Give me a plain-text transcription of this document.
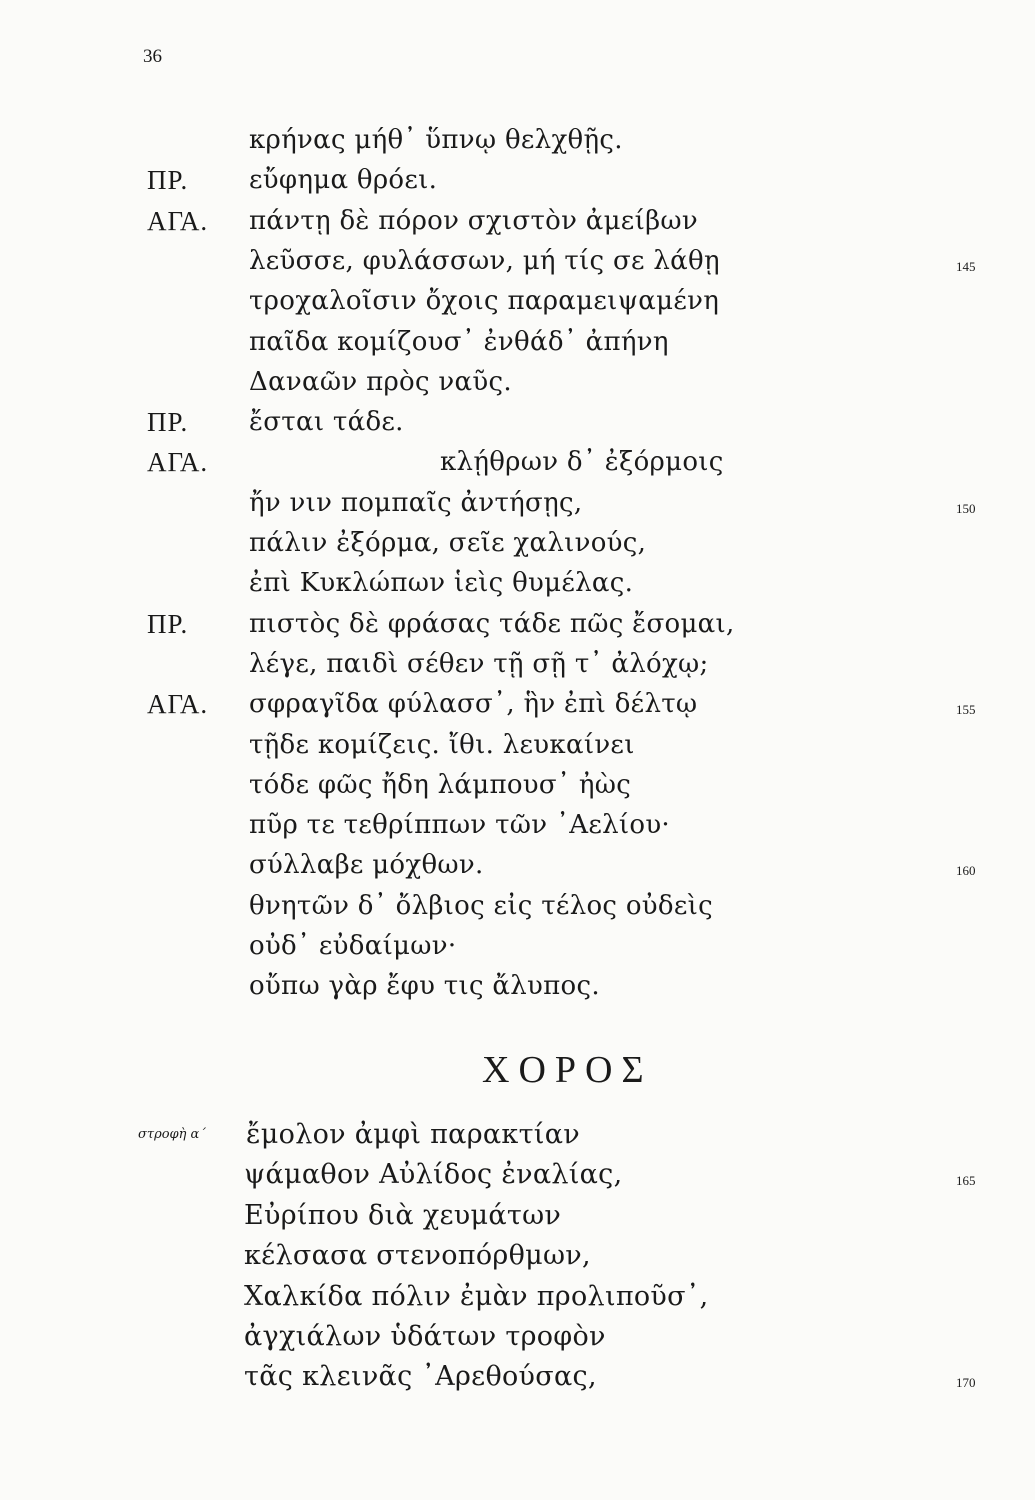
36
κρήνας μήθ᾽ ὕπνῳ θελχθῇς.
ΠΡ. εὔφημα θρόει.
ΑΓΑ. πάντῃ δὲ πόρον σχιστὸν ἀμείβων
λεῦσσε, φυλάσσων, μή τίς σε λάθῃ	145
τροχαλοῖσιν ὄχοις παραμειψαμένη
παῖδα κομίζουσ᾽ ἐνθάδ᾽ ἀπήνη
Δαναῶν πρὸς ναῦς.
ΠΡ. ἔσται τάδε.
ΑΓΑ.	κλῄθρων δ᾽ ἐξόρμοις
ἤν νιν πομπαῖς ἀντήσῃς,	150
πάλιν ἐξόρμα, σεῖε χαλινούς,
ἐπὶ Κυκλώπων ἱεὶς θυμέλας.
ΠΡ. πιστὸς δὲ φράσας τάδε πῶς ἔσομαι,
λέγε, παιδὶ σέθεν τῇ σῇ τ᾽ ἀλόχῳ;
ΑΓΑ. σφραγῖδα φύλασσ᾽, ἣν ἐπὶ δέλτῳ	155
τῇδε κομίζεις. ἴθι. λευκαίνει
τόδε φῶς ἤδη λάμπουσ᾽ ἠὼς
πῦρ τε τεθρίππων τῶν ᾽Αελίου·
σύλλαβε μόχθων.	160
θνητῶν δ᾽ ὄλβιος εἰς τέλος οὐδεὶς
οὐδ᾽ εὐδαίμων·
οὔπω γὰρ ἔφυ τις ἄλυπος.
ΧΟΡΟΣ
στροφὴ α΄ ἔμολον ἀμφὶ παρακτίαν
ψάμαθον Αὐλίδος ἐναλίας,	165
Εὐρίπου διὰ χευμάτων
κέλσασα στενοπόρθμων,
Χαλκίδα πόλιν ἐμὰν προλιποῦσ᾽,
ἀγχιάλων ὑδάτων τροφὸν
τᾶς κλεινᾶς ᾽Αρεθούσας,	170
